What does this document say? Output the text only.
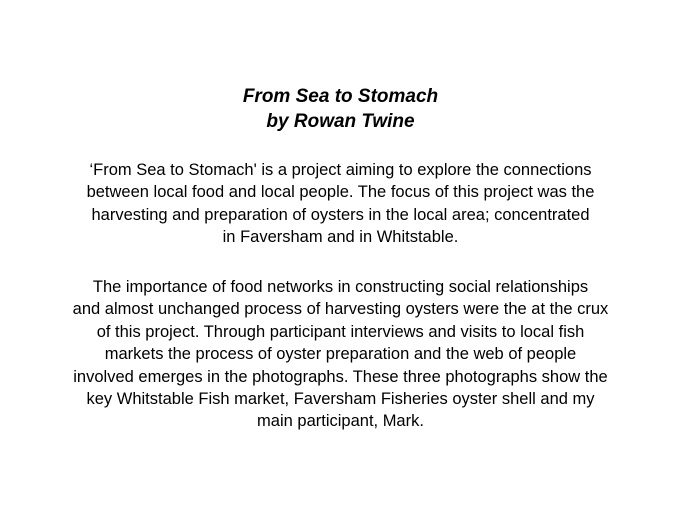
From Sea to Stomach
by Rowan Twine
‘From Sea to Stomach' is a project aiming to explore the connections
between local food and local people. The focus of this project was the
harvesting and preparation of oysters in the local area; concentrated
in Faversham and in Whitstable.
The importance of food networks in constructing social relationships
and almost unchanged process of harvesting oysters were the at the crux
of this project. Through participant interviews and visits to local fish
markets the process of oyster preparation and the web of people
involved emerges in the photographs. These three photographs show the
key Whitstable Fish market, Faversham Fisheries oyster shell and my
main participant, Mark.
